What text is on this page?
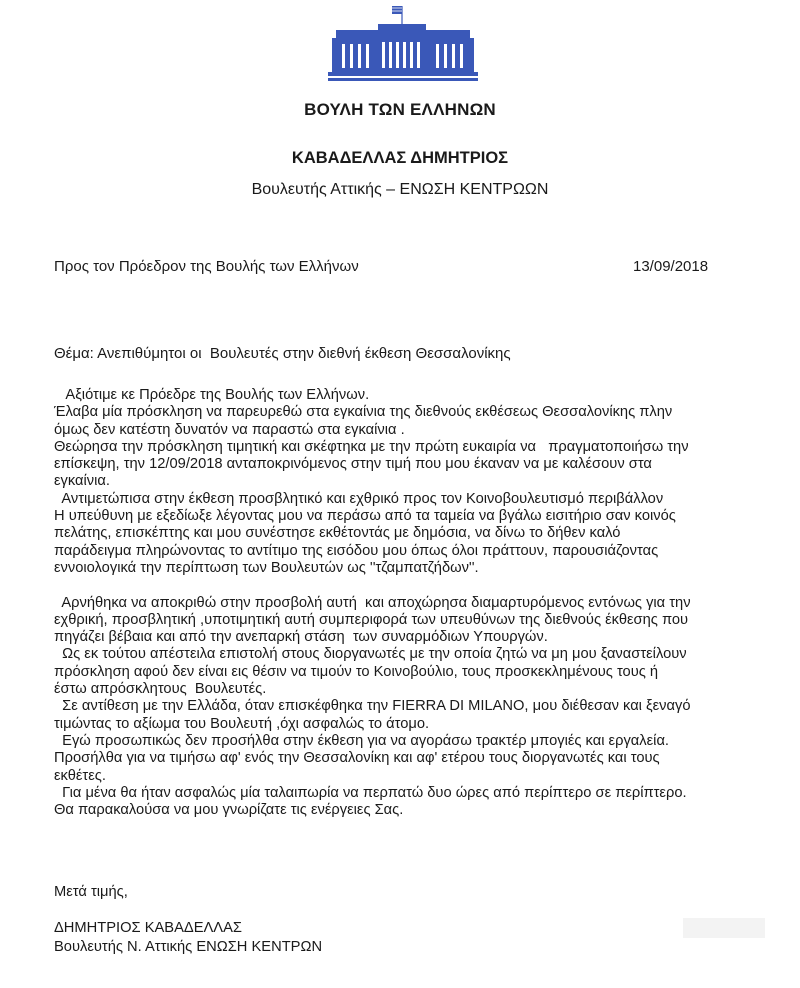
ΒΟΥΛΗ ΤΩΝ ΕΛΛΗΝΩΝ
ΚΑΒΑΔΕΛΛΑΣ ΔΗΜΗΤΡΙΟΣ
Βουλευτής Αττικής – ΕΝΩΣΗ ΚΕΝΤΡΩΩΝ
Προς τον Πρόεδρον της Βουλής των Ελλήνων	13/09/2018
Θέμα: Ανεπιθύμητοι οι  Βουλευτές στην διεθνή έκθεση Θεσσαλονίκης
Αξιότιμε κε Πρόεδρε της Βουλής των Ελλήνων.
Έλαβα μία πρόσκληση να παρευρεθώ στα εγκαίνια της διεθνούς εκθέσεως Θεσσαλονίκης πλην
όμως δεν κατέστη δυνατόν να παραστώ στα εγκαίνια .
Θεώρησα την πρόσκληση τιμητική και σκέφτηκα με την πρώτη ευκαιρία να   πραγματοποιήσω την
επίσκεψη, την 12/09/2018 ανταποκρινόμενος στην τιμή που μου έκαναν να με καλέσουν στα
εγκαίνια.
Αντιμετώπισα στην έκθεση προσβλητικό και εχθρικό προς τον Κοινοβουλευτισμό περιβάλλον
Η υπεύθυνη με εξεδίωξε λέγοντας μου να περάσω από τα ταμεία να βγάλω εισιτήριο σαν κοινός
πελάτης, επισκέπτης και μου συνέστησε εκθέτοντάς με δημόσια, να δίνω το δήθεν καλό
παράδειγμα πληρώνοντας το αντίτιμο της εισόδου μου όπως όλοι πράττουν, παρουσιάζοντας
εννοιολογικά την περίπτωση των Βουλευτών ως ''τζαμπατζήδων''.
Αρνήθηκα να αποκριθώ στην προσβολή αυτή  και αποχώρησα διαμαρτυρόμενος εντόνως για την
εχθρική, προσβλητική ,υποτιμητική αυτή συμπεριφορά των υπευθύνων της διεθνούς έκθεσης που
πηγάζει βέβαια και από την ανεπαρκή στάση  των συναρμόδιων Υπουργών.
Ως εκ τούτου απέστειλα επιστολή στους διοργανωτές με την οποία ζητώ να μη μου ξαναστείλουν
πρόσκληση αφού δεν είναι εις θέσιν να τιμούν το Κοινοβούλιο, τους προσκεκλημένους τους ή
έστω απρόσκλητους  Βουλευτές.
Σε αντίθεση με την Ελλάδα, όταν επισκέφθηκα την FIERRA DI MILANO, μου διέθεσαν και ξεναγό
τιμώντας το αξίωμα του Βουλευτή ,όχι ασφαλώς το άτομο.
Εγώ προσωπικώς δεν προσήλθα στην έκθεση για να αγοράσω τρακτέρ μπογιές και εργαλεία.
Προσήλθα για να τιμήσω αφ' ενός την Θεσσαλονίκη και αφ' ετέρου τους διοργανωτές και τους
εκθέτες.
Για μένα θα ήταν ασφαλώς μία ταλαιπωρία να περπατώ δυο ώρες από περίπτερο σε περίπτερο.
Θα παρακαλούσα να μου γνωρίζατε τις ενέργειες Σας.
Μετά τιμής,
ΔΗΜΗΤΡΙΟΣ ΚΑΒΑΔΕΛΛΑΣ
Βουλευτής Ν. Αττικής ΕΝΩΣΗ ΚΕΝΤΡΩΝ
